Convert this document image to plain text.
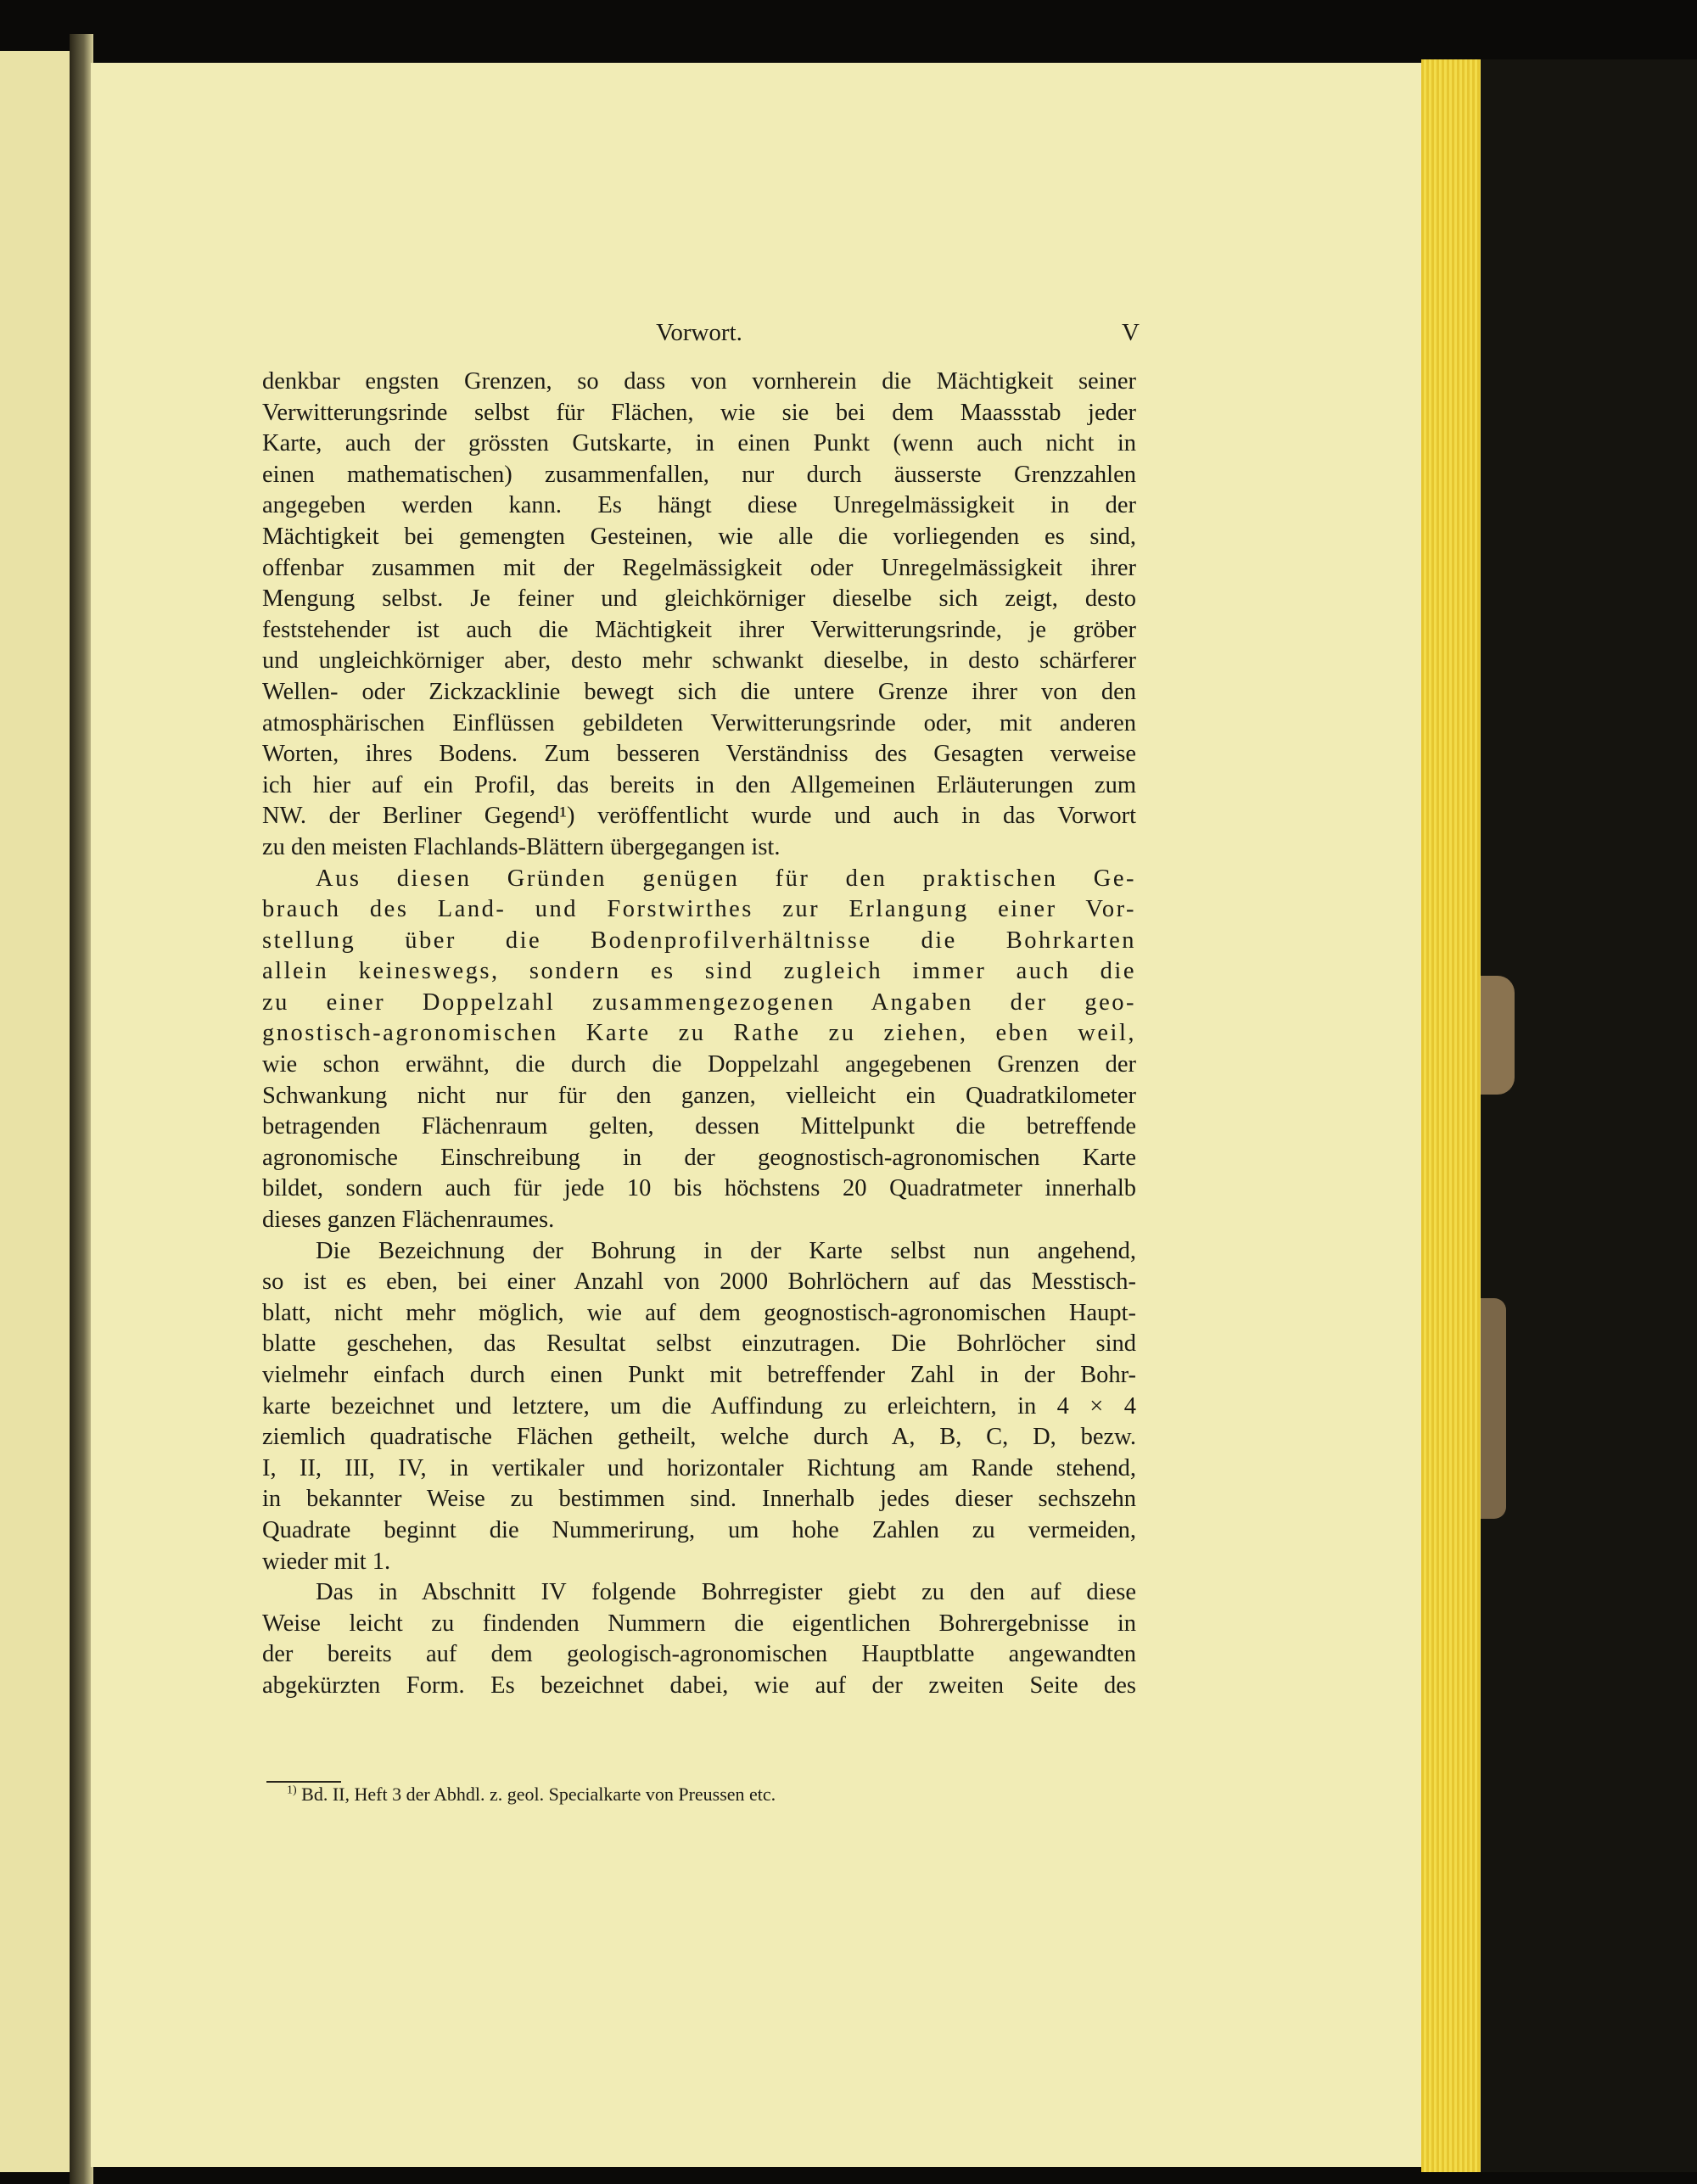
Vorwort.	V
denkbar engsten Grenzen, so dass von vornherein die Mächtigkeit seiner
Verwitterungsrinde selbst für Flächen, wie sie bei dem Maassstab jeder
Karte, auch der grössten Gutskarte, in einen Punkt (wenn auch nicht in
einen mathematischen) zusammenfallen, nur durch äusserste Grenzzahlen
angegeben werden kann. Es hängt diese Unregelmässigkeit in der
Mächtigkeit bei gemengten Gesteinen, wie alle die vorliegenden es sind,
offenbar zusammen mit der Regelmässigkeit oder Unregelmässigkeit ihrer
Mengung selbst. Je feiner und gleichkörniger dieselbe sich zeigt, desto
feststehender ist auch die Mächtigkeit ihrer Verwitterungsrinde, je gröber
und ungleichkörniger aber, desto mehr schwankt dieselbe, in desto schärferer
Wellen- oder Zickzacklinie bewegt sich die untere Grenze ihrer von den
atmosphärischen Einflüssen gebildeten Verwitterungsrinde oder, mit anderen
Worten, ihres Bodens. Zum besseren Verständniss des Gesagten verweise
ich hier auf ein Profil, das bereits in den Allgemeinen Erläuterungen zum
NW. der Berliner Gegend¹) veröffentlicht wurde und auch in das Vorwort
zu den meisten Flachlands-Blättern übergegangen ist.
Aus diesen Gründen genügen für den praktischen Ge-
brauch des Land- und Forstwirthes zur Erlangung einer Vor-
stellung über die Bodenprofilverhältnisse die Bohrkarten
allein keineswegs, sondern es sind zugleich immer auch die
zu einer Doppelzahl zusammengezogenen Angaben der geo-
gnostisch-agronomischen Karte zu Rathe zu ziehen, eben weil,
wie schon erwähnt, die durch die Doppelzahl angegebenen Grenzen der
Schwankung nicht nur für den ganzen, vielleicht ein Quadratkilometer
betragenden Flächenraum gelten, dessen Mittelpunkt die betreffende
agronomische Einschreibung in der geognostisch-agronomischen Karte
bildet, sondern auch für jede 10 bis höchstens 20 Quadratmeter innerhalb
dieses ganzen Flächenraumes.
Die Bezeichnung der Bohrung in der Karte selbst nun angehend,
so ist es eben, bei einer Anzahl von 2000 Bohrlöchern auf das Messtisch-
blatt, nicht mehr möglich, wie auf dem geognostisch-agronomischen Haupt-
blatte geschehen, das Resultat selbst einzutragen. Die Bohrlöcher sind
vielmehr einfach durch einen Punkt mit betreffender Zahl in der Bohr-
karte bezeichnet und letztere, um die Auffindung zu erleichtern, in 4 × 4
ziemlich quadratische Flächen getheilt, welche durch A, B, C, D, bezw.
I, II, III, IV, in vertikaler und horizontaler Richtung am Rande stehend,
in bekannter Weise zu bestimmen sind. Innerhalb jedes dieser sechszehn
Quadrate beginnt die Nummerirung, um hohe Zahlen zu vermeiden,
wieder mit 1.
Das in Abschnitt IV folgende Bohrregister giebt zu den auf diese
Weise leicht zu findenden Nummern die eigentlichen Bohrergebnisse in
der bereits auf dem geologisch-agronomischen Hauptblatte angewandten
abgekürzten Form. Es bezeichnet dabei, wie auf der zweiten Seite des
$^{1)}$ Bd. II, Heft 3 der Abhdl. z. geol. Specialkarte von Preussen etc.
